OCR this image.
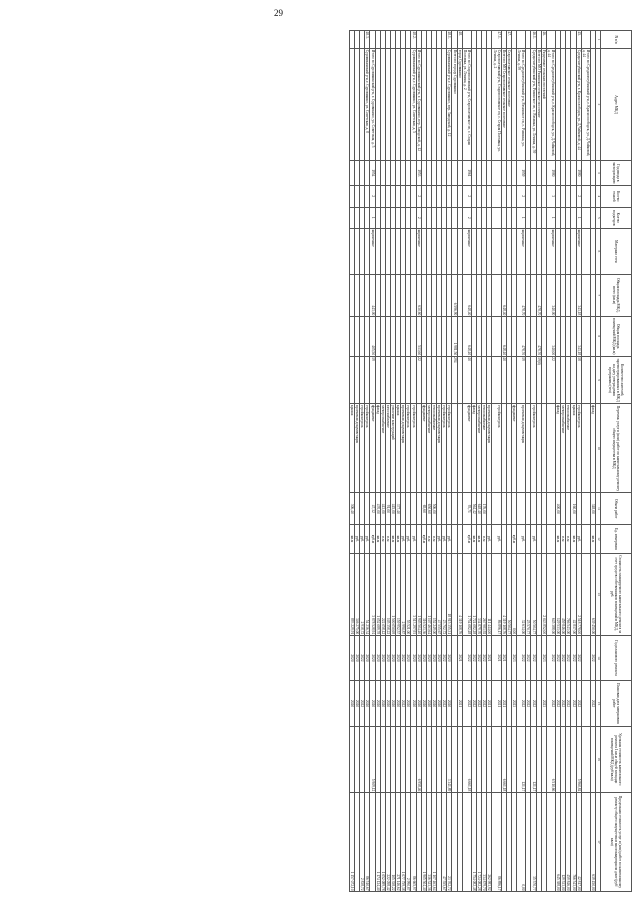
29
N п/п	Адрес МКД	Год ввода в эксплуатацию	Кол-во этажей	Кол-во подъездов	Материал стен	Общая площадь МКД, всего (кв.м)	Общая площадь помещений МКД (кв.м)	Количество жителей, зарегистрированных в МКД на дату утверждения программы (чел)	Перечень услуг и (или) работ по капитальному ремонту общего имущества в МКД	Объем работ	Ед. измерения	Стоимость планируемого капитального ремонта за счет средств собственников помещений в МКД, руб.	Год планового ремонта	Плановая дата завершения работ	Удельная стоимость капитального ремонта 1 кв.м общей площади помещений МКД (руб/кв.м)	Предельная стоимость услуг и (или) работ по капитальному ремонту общего имущества в многоквартирном доме (руб/кв.м)
1	2	3	4	5	6	7	8	9	10	11	12	13	14	15	16	17
									фасад	348,00	кв.м	639 450,00	2022	2022		639 450,00
	Итого по Среднеахтубинский р-н, г. Краснослободск, ул. Д.Чайковой, д. 44															
45.	Среднеахтубинский р-н, г. Краснослободск, ул. Д.Чайковой, д. 44	1980	2	1	кирпичные	343,18	343,18	18	стройконтроль		руб.	2 518 778,00	2022	2022	5 960,84	42 817,00
									крыша	160,00	кв.м	42 817,00	2022	2022		766 543,00
									теплоснабжение		п.м	766 543,00	2022	2022		459 846,00
									электроснабжение		п.м	459 846,00	2022	2022		129 533,00
									фасад	400,00	кв.м	129 533,00	2022	2022		645 388,00
	Итого по Среднеахтубинский р-н, г. Краснослободск, ул. Д.Чайковой, д. 44	1980	3	1	кирпичные	340,00	340,00	22				645 388,00	2022	2022	6 510,66	
46.	Разделение сельских поселений											2 043 852,00	2023	2023		
	Всего по МО Рахинское сельское поселение					478,70	478,70	19(0)								
46.1.	Среднеахтубинский р-н, Рахинское сп, с. Рахинка, ул. Ленина, д. 59								стройконтроль		руб.	50 504,77	2022	2022	121,17	35 570,77
												25 570,77	2022	2022		
	Итого по Среднеахтубинский р-н, Рахинское сп, с. Рахинка, ул. Ленина, д. 59	1959	2	1	кирпичные	478,70	478,70	19	проектная документация		руб.	32 634,00	2022	2022	121,17	0,00
									фундамент		куб.м	0,00	2023	2023		
47.	Старополтавское сельское поселение											50 504,77				
	Всего по МО Старополтавское сельское поселение					648,40	648,40	40				4 319 108,76	2021	2021	6 661,18	
47.1.	Старополтавский р-н, Старополтавское сп, с. Старая Полтавка, ул. Ленина, д. 2								стройконтроль		руб.	86 896,17	2021	2021		86 896,17
									проектная документация		руб.	111 444,00	2021	2021		262 983,92
									теплоснабжение	176,00	п.м	267 983,92	2022	2022		334 879,70
									электроснабжение	648,40	кв.м	334 879,70	2022	2022		1 724 082,28
									фасад	564,42	кв.м	1 724 082,28	2022	2022		1 754 082,48
	Итого по Старополтавский р-н, Старополтавское сп, с. Старая Полтавка, ул. Ленина, д. 2	1961	2	2	кирпичные	648,40	648,40	40	фундамент	93,71	куб.м	1 754 082,48	2022	2022	6 661,18	
48.	город Суровикино											4 319 108,76	2021	2021		
	Всего по городу Суровикино					6 596,90	1 981,50	294								
48.1.	Суровикинский р-н, г. Суровикино, пер. Заводской, д. 12								стройконтроль		руб.	18 915 355,31	2020	2020	3 341,89	23 702,72
									стройконтроль		руб.	23 702,72	2022	2022		47 555,67
									проектная документация		руб.	47 555,67	2020	2020		
									теплоснабжение	506,00	п.м	152 249,00	2020	2020		1 107 463,64
									электроснабжение	650,60	п.м	1 107 463,64	2020	2020		316 523,36
									фундамент	65,60	куб.м	316 523,36	2020	2020		1 905 504,40
	Итого по Суровикинский р-н, г. Суровикино, пер. Заводской, д. 12	1953	2	2	кирпичные	630,60	513,60	22				1 905 504,40	2020	2020	6 958,46	
48.2.	Суровикинский р-н, г. Суровикино, ул. Советская, д. 5								стройконтроль		руб.	3 513 297,93	2020	2020		86 665,97
									стройконтроль		руб.	55 521,00	2020	2020		2 990,87
									проектная документация		руб.	2 990,87	2022	2022		1 077 759,38
									крыша	377,40	кв.м	159 952,57	2020	2020		271 146,62
									усиление конструкций	445,00	кв.м	1 500 050,69	2020	2020		105 358,22
									газоснабжение	91,00	п.м	105 358,22	2020	2020		222 058,42
									электроснабжение	443,00	п.м	222 058,42	2020	2020		1 052 089,78
									фасад	470,00	кв.м	1 052 089,78	2020	2020		1 174 124,40
	Итого по Суровикинский р-н, г. Суровикино, ул. Советская, д. 5	1954	2	1	кирпичные	443,00	405,50	19	фундамент	47,32	куб.м	3 878 528,94	2020	2020	5 909,12	
48.3.	Суровикинский р-н, г. Суровикино, ул. Советская, д. 8								стройконтроль		руб.	54 236,34	2020	2020		86 510,67
									стройконтроль		руб.	2 938,72	2022	2022		2 838,72
									проектная документация		руб.	346 275,00	2020	2020		
									крыша	306,40	кв.м	893 229,91	2020	2020		1 157 072,10
